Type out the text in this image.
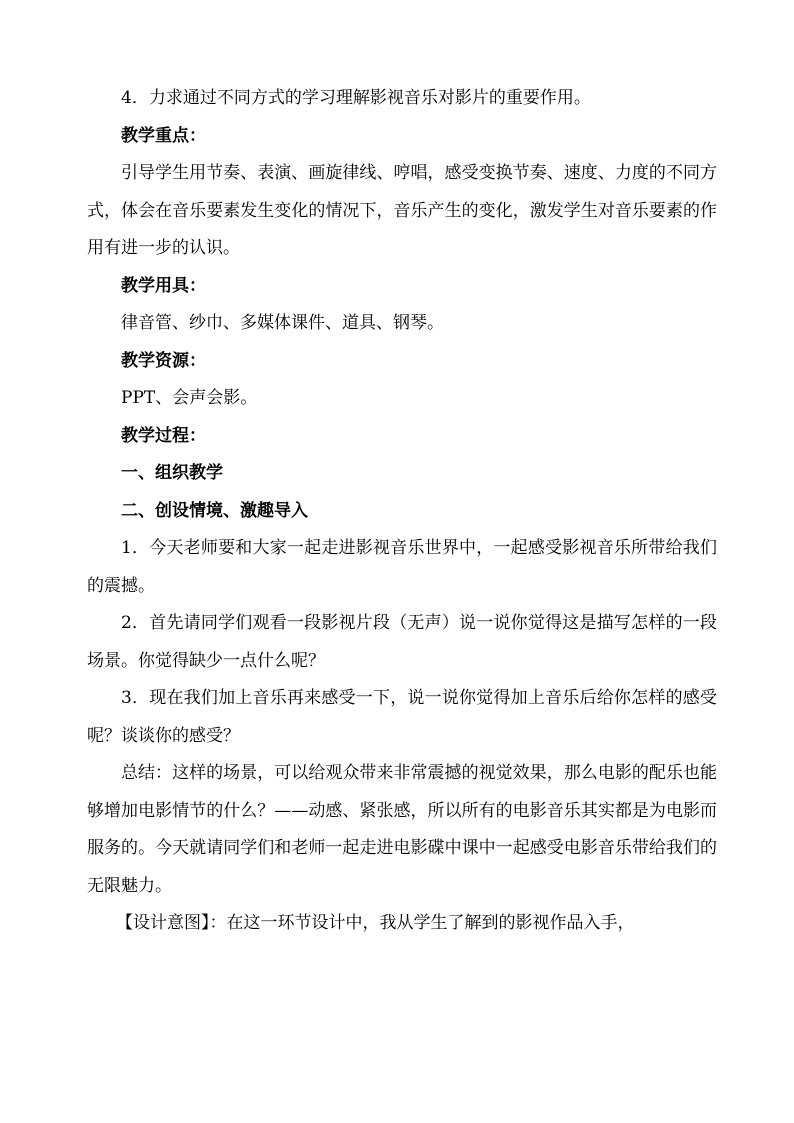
4．力求通过不同方式的学习理解影视音乐对影片的重要作用。

教学重点：

引导学生用节奏、表演、画旋律线、哼唱，感受变换节奏、速度、力度的不同方式，体会在音乐要素发生变化的情况下，音乐产生的变化，激发学生对音乐要素的作用有进一步的认识。

教学用具：

律音管、纱巾、多媒体课件、道具、钢琴。

教学资源：

PPT、会声会影。

教学过程：

一、组织教学

二、创设情境、激趣导入

1．今天老师要和大家一起走进影视音乐世界中，一起感受影视音乐所带给我们的震撼。

2．首先请同学们观看一段影视片段（无声）说一说你觉得这是描写怎样的一段场景。你觉得缺少一点什么呢？

3．现在我们加上音乐再来感受一下，说一说你觉得加上音乐后给你怎样的感受呢？谈谈你的感受？

总结：这样的场景，可以给观众带来非常震撼的视觉效果，那么电影的配乐也能够增加电影情节的什么？——动感、紧张感，所以所有的电影音乐其实都是为电影而服务的。今天就请同学们和老师一起走进电影碟中课中一起感受电影音乐带给我们的无限魅力。

【设计意图】：在这一环节设计中，我从学生了解到的影视作品入手，
